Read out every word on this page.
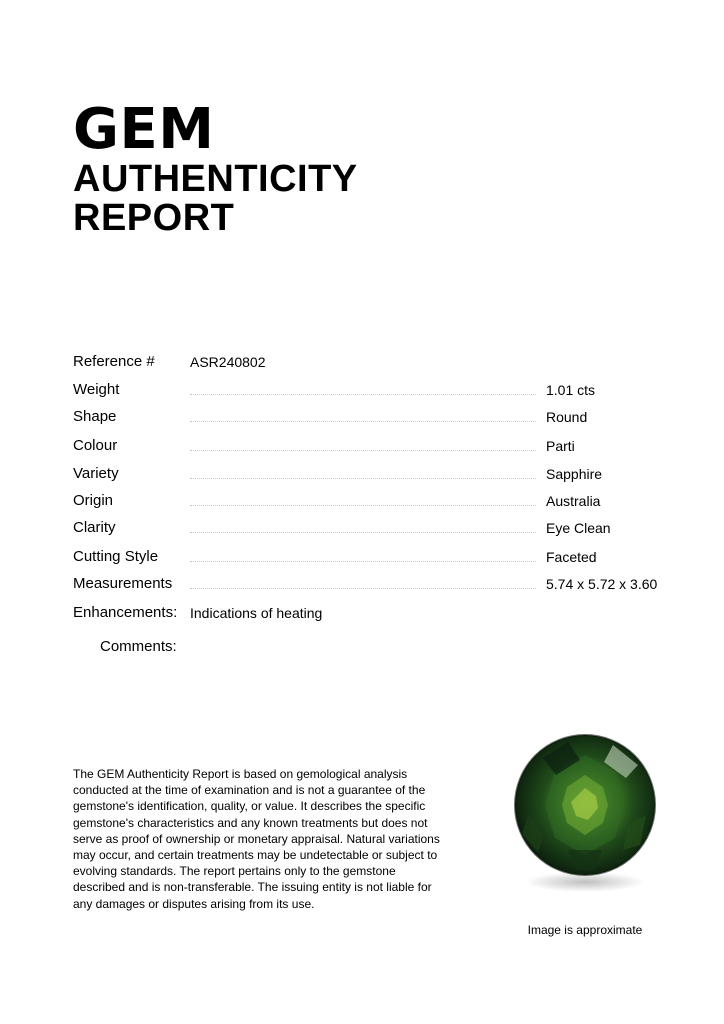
GEM
AUTHENTICITY
REPORT
Reference #	ASR240802
Weight	1.01 cts
Shape	Round
Colour	Parti
Variety	Sapphire
Origin	Australia
Clarity	Eye Clean
Cutting Style	Faceted
Measurements	5.74 x 5.72 x 3.60
Enhancements: Indications of heating
Comments:

The GEM Authenticity Report is based on gemological analysis conducted at the time of examination and is not a guarantee of the gemstone's identification, quality, or value. It describes the specific gemstone's characteristics and any known treatments but does not serve as proof of ownership or monetary appraisal. Natural variations may occur, and certain treatments may be undetectable or subject to evolving standards. The report pertains only to the gemstone described and is non-transferable. The issuing entity is not liable for any damages or disputes arising from its use.

Image is approximate
